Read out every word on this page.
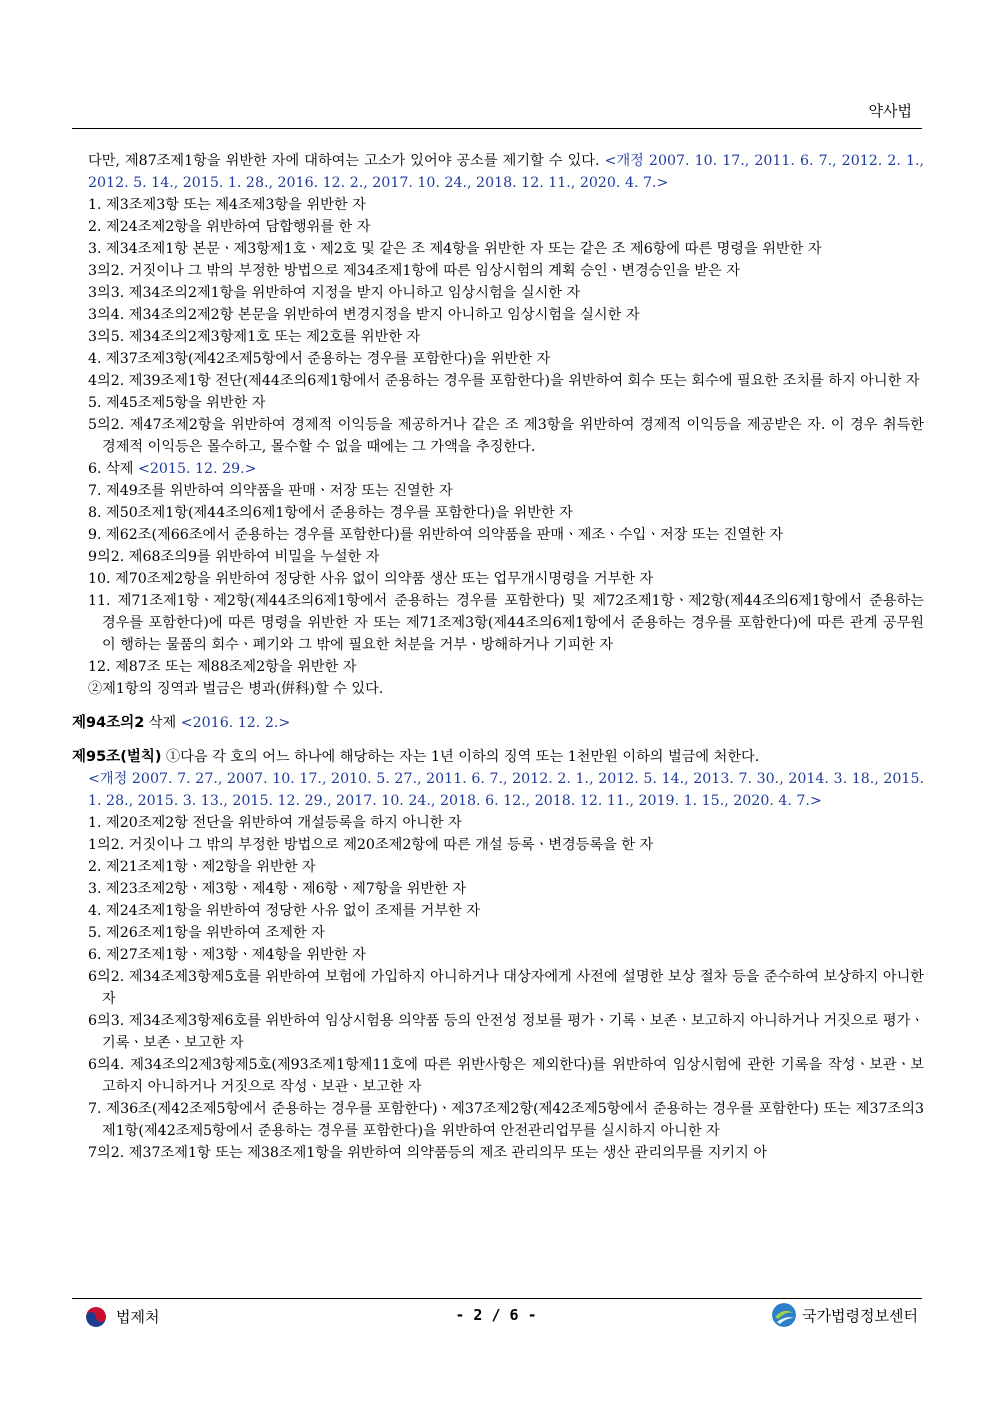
약사법

다만, 제87조제1항을 위반한 자에 대하여는 고소가 있어야 공소를 제기할 수 있다. <개정 2007. 10. 17., 2011. 6. 7., 2012. 2. 1., 2012. 5. 14., 2015. 1. 28., 2016. 12. 2., 2017. 10. 24., 2018. 12. 11., 2020. 4. 7.>

1. 제3조제3항 또는 제4조제3항을 위반한 자

2. 제24조제2항을 위반하여 담합행위를 한 자

3. 제34조제1항 본문ㆍ제3항제1호ㆍ제2호 및 같은 조 제4항을 위반한 자 또는 같은 조 제6항에 따른 명령을 위반한 자

3의2. 거짓이나 그 밖의 부정한 방법으로 제34조제1항에 따른 임상시험의 계획 승인ㆍ변경승인을 받은 자

3의3. 제34조의2제1항을 위반하여 지정을 받지 아니하고 임상시험을 실시한 자

3의4. 제34조의2제2항 본문을 위반하여 변경지정을 받지 아니하고 임상시험을 실시한 자

3의5. 제34조의2제3항제1호 또는 제2호를 위반한 자

4. 제37조제3항(제42조제5항에서 준용하는 경우를 포함한다)을 위반한 자

4의2. 제39조제1항 전단(제44조의6제1항에서 준용하는 경우를 포함한다)을 위반하여 회수 또는 회수에 필요한 조치를 하지 아니한 자

5. 제45조제5항을 위반한 자

5의2. 제47조제2항을 위반하여 경제적 이익등을 제공하거나 같은 조 제3항을 위반하여 경제적 이익등을 제공받은 자. 이 경우 취득한 경제적 이익등은 몰수하고, 몰수할 수 없을 때에는 그 가액을 추징한다.

6. 삭제 <2015. 12. 29.>

7. 제49조를 위반하여 의약품을 판매ㆍ저장 또는 진열한 자

8. 제50조제1항(제44조의6제1항에서 준용하는 경우를 포함한다)을 위반한 자

9. 제62조(제66조에서 준용하는 경우를 포함한다)를 위반하여 의약품을 판매ㆍ제조ㆍ수입ㆍ저장 또는 진열한 자

9의2. 제68조의9를 위반하여 비밀을 누설한 자

10. 제70조제2항을 위반하여 정당한 사유 없이 의약품 생산 또는 업무개시명령을 거부한 자

11. 제71조제1항ㆍ제2항(제44조의6제1항에서 준용하는 경우를 포함한다) 및 제72조제1항ㆍ제2항(제44조의6제1항에서 준용하는 경우를 포함한다)에 따른 명령을 위반한 자 또는 제71조제3항(제44조의6제1항에서 준용하는 경우를 포함한다)에 따른 관계 공무원이 행하는 물품의 회수ㆍ폐기와 그 밖에 필요한 처분을 거부ㆍ방해하거나 기피한 자

12. 제87조 또는 제88조제2항을 위반한 자

②제1항의 징역과 벌금은 병과(倂科)할 수 있다.

제94조의2 삭제 <2016. 12. 2.>

제95조(벌칙) ①다음 각 호의 어느 하나에 해당하는 자는 1년 이하의 징역 또는 1천만원 이하의 벌금에 처한다.

<개정 2007. 7. 27., 2007. 10. 17., 2010. 5. 27., 2011. 6. 7., 2012. 2. 1., 2012. 5. 14., 2013. 7. 30., 2014. 3. 18., 2015. 1. 28., 2015. 3. 13., 2015. 12. 29., 2017. 10. 24., 2018. 6. 12., 2018. 12. 11., 2019. 1. 15., 2020. 4. 7.>

1. 제20조제2항 전단을 위반하여 개설등록을 하지 아니한 자

1의2. 거짓이나 그 밖의 부정한 방법으로 제20조제2항에 따른 개설 등록ㆍ변경등록을 한 자

2. 제21조제1항ㆍ제2항을 위반한 자

3. 제23조제2항ㆍ제3항ㆍ제4항ㆍ제6항ㆍ제7항을 위반한 자

4. 제24조제1항을 위반하여 정당한 사유 없이 조제를 거부한 자

5. 제26조제1항을 위반하여 조제한 자

6. 제27조제1항ㆍ제3항ㆍ제4항을 위반한 자

6의2. 제34조제3항제5호를 위반하여 보험에 가입하지 아니하거나 대상자에게 사전에 설명한 보상 절차 등을 준수하여 보상하지 아니한 자

6의3. 제34조제3항제6호를 위반하여 임상시험용 의약품 등의 안전성 정보를 평가ㆍ기록ㆍ보존ㆍ보고하지 아니하거나 거짓으로 평가ㆍ기록ㆍ보존ㆍ보고한 자

6의4. 제34조의2제3항제5호(제93조제1항제11호에 따른 위반사항은 제외한다)를 위반하여 임상시험에 관한 기록을 작성ㆍ보관ㆍ보고하지 아니하거나 거짓으로 작성ㆍ보관ㆍ보고한 자

7. 제36조(제42조제5항에서 준용하는 경우를 포함한다)ㆍ제37조제2항(제42조제5항에서 준용하는 경우를 포함한다) 또는 제37조의3제1항(제42조제5항에서 준용하는 경우를 포함한다)을 위반하여 안전관리업무를 실시하지 아니한 자

7의2. 제37조제1항 또는 제38조제1항을 위반하여 의약품등의 제조 관리의무 또는 생산 관리의무를 지키지 아

법제처	- 2 / 6 -	국가법령정보센터
